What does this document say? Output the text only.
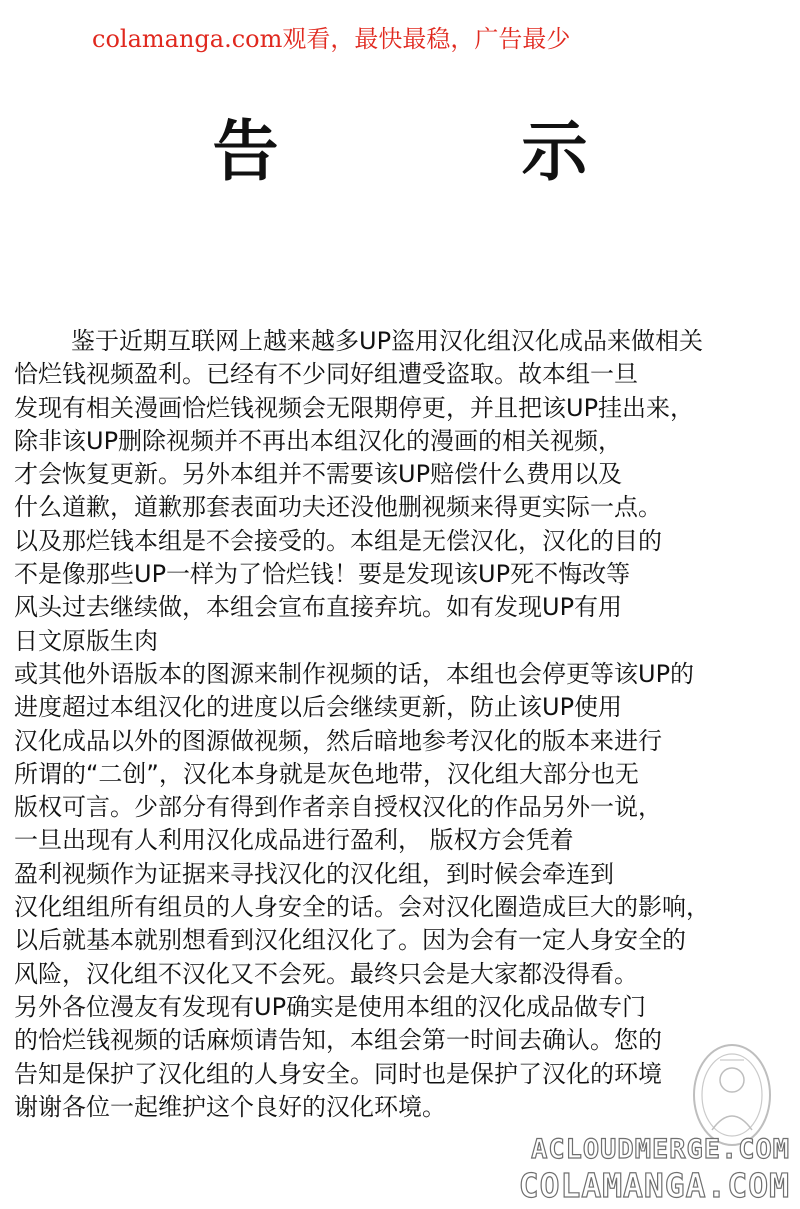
colamanga.com观看，最快最稳，广告最少
告 示
鉴于近期互联网上越来越多UP盗用汉化组汉化成品来做相关
恰烂钱视频盈利。已经有不少同好组遭受盗取。故本组一旦
发现有相关漫画恰烂钱视频会无限期停更，并且把该UP挂出来，
除非该UP删除视频并不再出本组汉化的漫画的相关视频，
才会恢复更新。另外本组并不需要该UP赔偿什么费用以及
什么道歉，道歉那套表面功夫还没他删视频来得更实际一点。
以及那烂钱本组是不会接受的。本组是无偿汉化，汉化的目的
不是像那些UP一样为了恰烂钱！要是发现该UP死不悔改等
风头过去继续做，本组会宣布直接弃坑。如有发现UP有用
日文原版生肉
或其他外语版本的图源来制作视频的话，本组也会停更等该UP的
进度超过本组汉化的进度以后会继续更新，防止该UP使用
汉化成品以外的图源做视频，然后暗地参考汉化的版本来进行
所谓的“二创”，汉化本身就是灰色地带，汉化组大部分也无
版权可言。少部分有得到作者亲自授权汉化的作品另外一说，
一旦出现有人利用汉化成品进行盈利， 版权方会凭着
盈利视频作为证据来寻找汉化的汉化组，到时候会牵连到
汉化组组所有组员的人身安全的话。会对汉化圈造成巨大的影响，
以后就基本就别想看到汉化组汉化了。因为会有一定人身安全的
风险，汉化组不汉化又不会死。最终只会是大家都没得看。
另外各位漫友有发现有UP确实是使用本组的汉化成品做专门
的恰烂钱视频的话麻烦请告知，本组会第一时间去确认。您的
告知是保护了汉化组的人身安全。同时也是保护了汉化的环境
谢谢各位一起维护这个良好的汉化环境。
ACLOUDMERGE.COM
COLAMANGA.COM
